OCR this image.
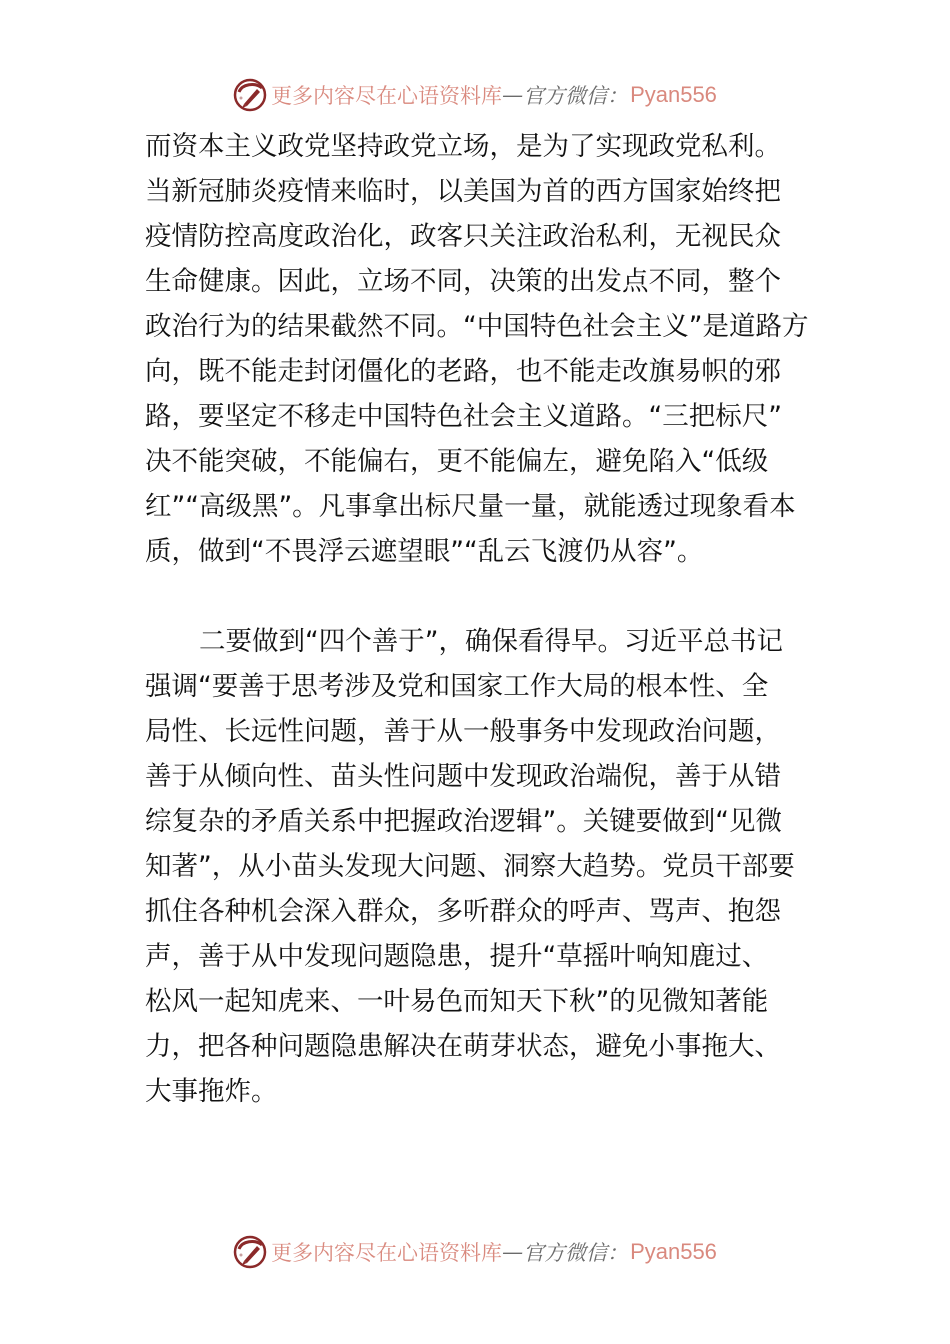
更多内容尽在心语资料库 — 官方微信： Pyan556
而资本主义政党坚持政党立场，是为了实现政党私利。
当新冠肺炎疫情来临时，以美国为首的西方国家始终把
疫情防控高度政治化，政客只关注政治私利，无视民众
生命健康。因此，立场不同，决策的出发点不同，整个
政治行为的结果截然不同。“中国特色社会主义”是道路方
向，既不能走封闭僵化的老路，也不能走改旗易帜的邪
路，要坚定不移走中国特色社会主义道路。“三把标尺”
决不能突破，不能偏右，更不能偏左，避免陷入“低级
红”“高级黑”。凡事拿出标尺量一量，就能透过现象看本
质，做到“不畏浮云遮望眼”“乱云飞渡仍从容”。
二要做到“四个善于”，确保看得早。习近平总书记
强调“要善于思考涉及党和国家工作大局的根本性、全
局性、长远性问题，善于从一般事务中发现政治问题，
善于从倾向性、苗头性问题中发现政治端倪，善于从错
综复杂的矛盾关系中把握政治逻辑”。关键要做到“见微
知著”，从小苗头发现大问题、洞察大趋势。党员干部要
抓住各种机会深入群众，多听群众的呼声、骂声、抱怨
声，善于从中发现问题隐患，提升“草摇叶响知鹿过、
松风一起知虎来、一叶易色而知天下秋”的见微知著能
力，把各种问题隐患解决在萌芽状态，避免小事拖大、
大事拖炸。
更多内容尽在心语资料库 — 官方微信： Pyan556
